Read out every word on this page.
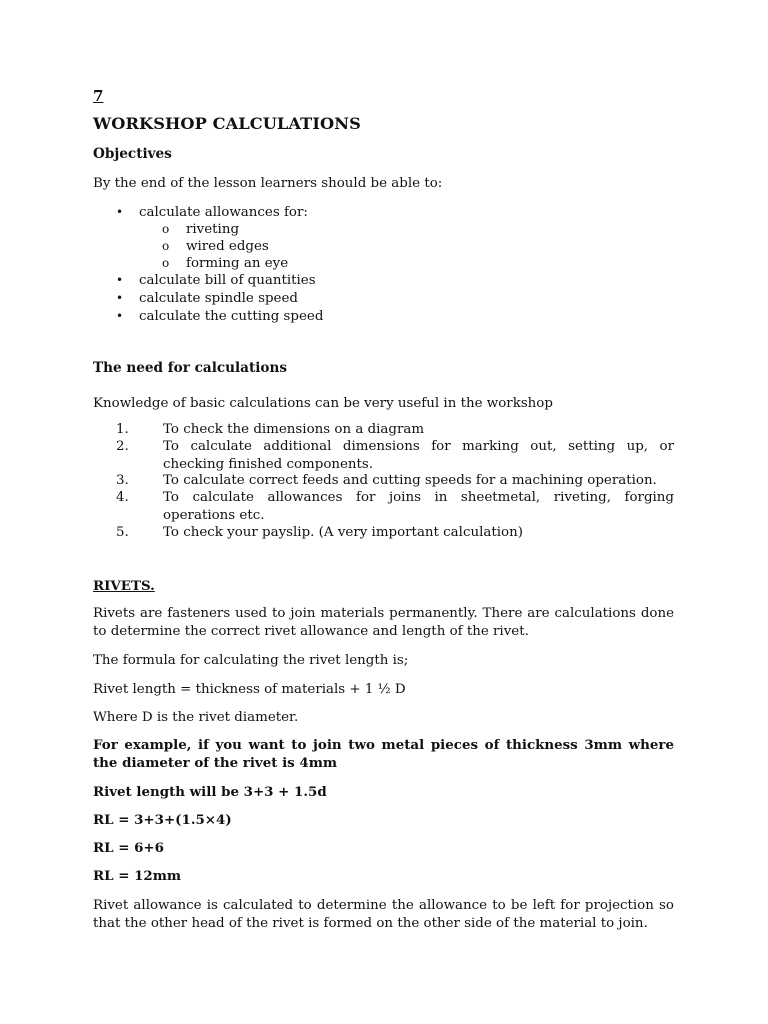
7

WORKSHOP CALCULATIONS

Objectives

By the end of the lesson learners should be able to:

• calculate allowances for:
o riveting
o wired edges
o forming an eye
• calculate bill of quantities
• calculate spindle speed
• calculate the cutting speed

The need for calculations

Knowledge of basic calculations can be very useful in the workshop

1.	To check the dimensions on a diagram
2.	To calculate additional dimensions for marking out, setting up, or checking finished components.
3.	To calculate correct feeds and cutting speeds for a machining operation.
4.	To calculate allowances for joins in sheetmetal, riveting, forging operations etc.
5.	To check your payslip. (A very important calculation)

RIVETS.

Rivets are fasteners used to join materials permanently. There are calculations done to determine the correct rivet allowance and length of the rivet.

The formula for calculating the rivet length is;

Rivet length = thickness of materials + 1 ½ D

Where D is the rivet diameter.

For example, if you want to join two metal pieces of thickness 3mm where the diameter of the rivet is 4mm

Rivet length will be 3+3 + 1.5d

RL = 3+3+(1.5×4)

RL = 6+6

RL = 12mm

Rivet allowance is calculated to determine the allowance to be left for projection so that the other head of the rivet is formed on the other side of the material to join.
